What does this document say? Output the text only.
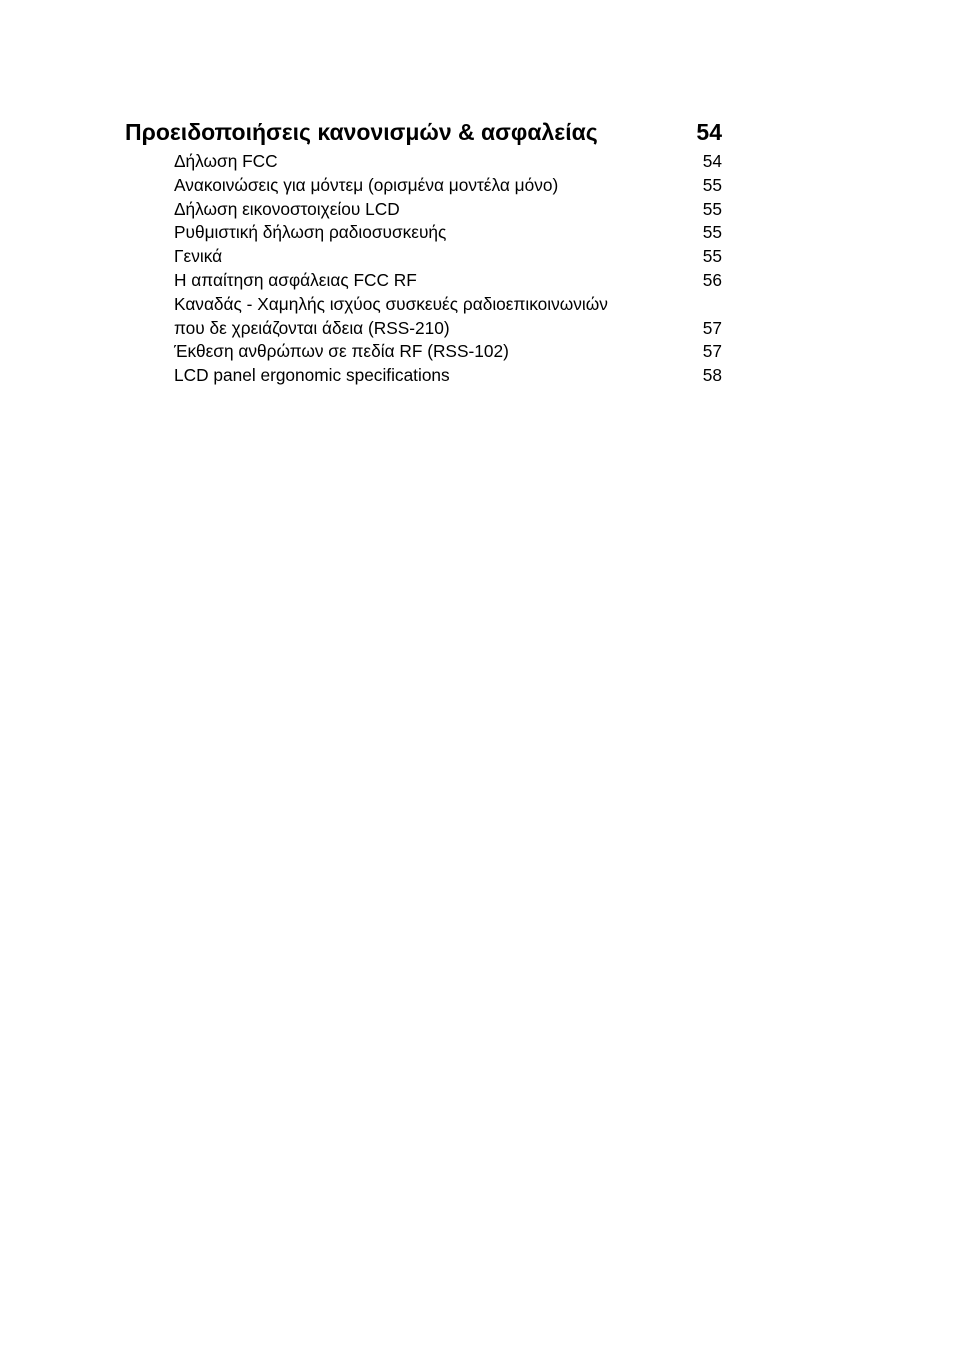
Προειδοποιήσεις κανονισμών & ασφαλείας	54
Δήλωση FCC	54
Ανακοινώσεις για μόντεμ (ορισμένα μοντέλα μόνο)	55
Δήλωση εικονοστοιχείου LCD	55
Ρυθμιστική δήλωση ραδιοσυσκευής	55
Γενικά	55
Η απαίτηση ασφάλειας FCC RF	56
Καναδάς - Χαμηλής ισχύος συσκευές ραδιοεπικοινωνιών
που δε χρειάζονται άδεια (RSS-210)	57
Έκθεση ανθρώπων σε πεδία RF (RSS-102)	57
LCD panel ergonomic specifications	58
